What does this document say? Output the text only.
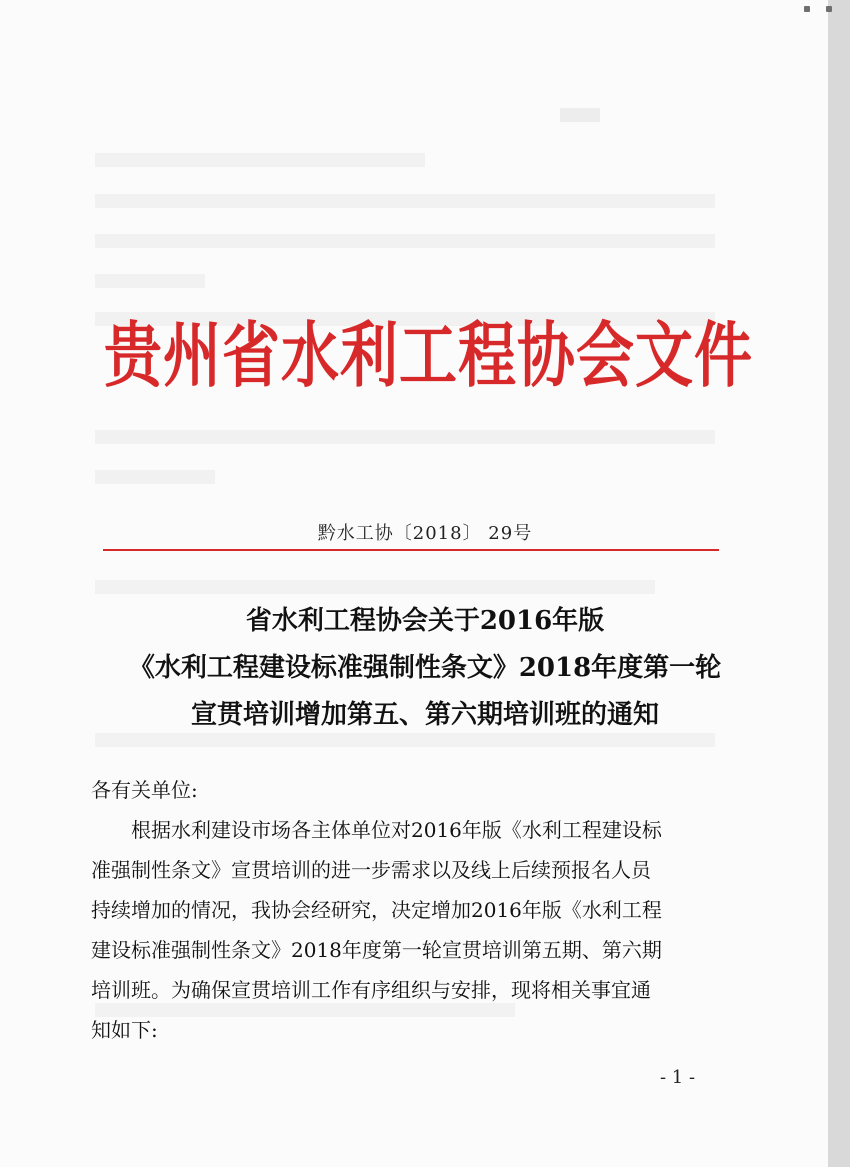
贵州省水利工程协会文件
黔水工协〔2018〕 29号
省水利工程协会关于2016年版
《水利工程建设标准强制性条文》2018年度第一轮
宣贯培训增加第五、第六期培训班的通知

各有关单位:

根据水利建设市场各主体单位对2016年版《水利工程建设标

准强制性条文》宣贯培训的进一步需求以及线上后续预报名人员

持续增加的情况，我协会经研究，决定增加2016年版《水利工程

建设标准强制性条文》2018年度第一轮宣贯培训第五期、第六期

培训班。为确保宣贯培训工作有序组织与安排，现将相关事宜通

知如下:

- 1 -
